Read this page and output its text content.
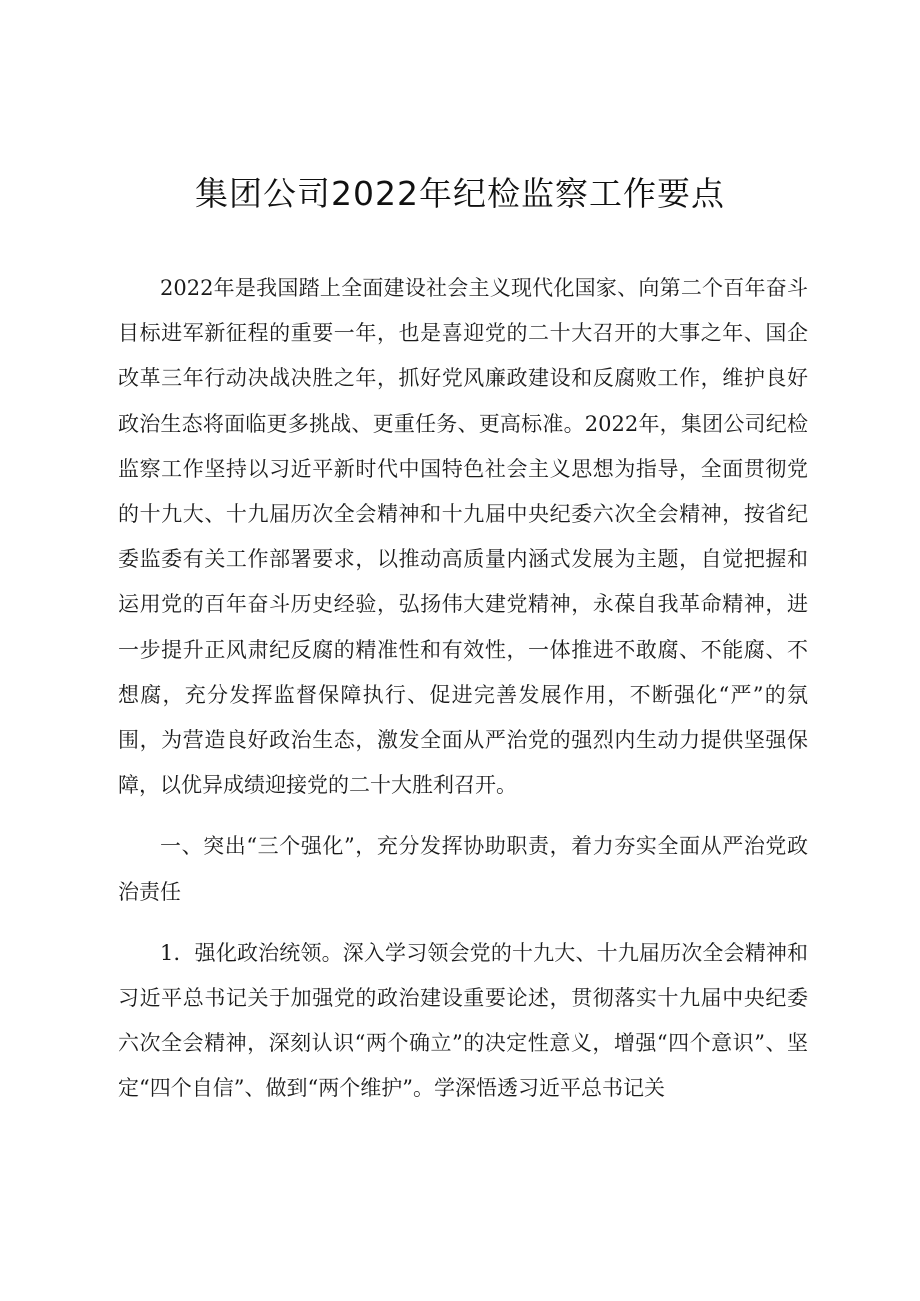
集团公司2022年纪检监察工作要点

2022年是我国踏上全面建设社会主义现代化国家、向第二个百年奋斗目标进军新征程的重要一年，也是喜迎党的二十大召开的大事之年、国企改革三年行动决战决胜之年，抓好党风廉政建设和反腐败工作，维护良好政治生态将面临更多挑战、更重任务、更高标准。2022年，集团公司纪检监察工作坚持以习近平新时代中国特色社会主义思想为指导，全面贯彻党的十九大、十九届历次全会精神和十九届中央纪委六次全会精神，按省纪委监委有关工作部署要求，以推动高质量内涵式发展为主题，自觉把握和运用党的百年奋斗历史经验，弘扬伟大建党精神，永葆自我革命精神，进一步提升正风肃纪反腐的精准性和有效性，一体推进不敢腐、不能腐、不想腐，充分发挥监督保障执行、促进完善发展作用，不断强化“严”的氛围，为营造良好政治生态，激发全面从严治党的强烈内生动力提供坚强保障，以优异成绩迎接党的二十大胜利召开。

一、突出“三个强化”，充分发挥协助职责，着力夯实全面从严治党政治责任

1．强化政治统领。深入学习领会党的十九大、十九届历次全会精神和习近平总书记关于加强党的政治建设重要论述，贯彻落实十九届中央纪委六次全会精神，深刻认识“两个确立”的决定性意义，增强“四个意识”、坚定“四个自信”、做到“两个维护”。学深悟透习近平总书记关
